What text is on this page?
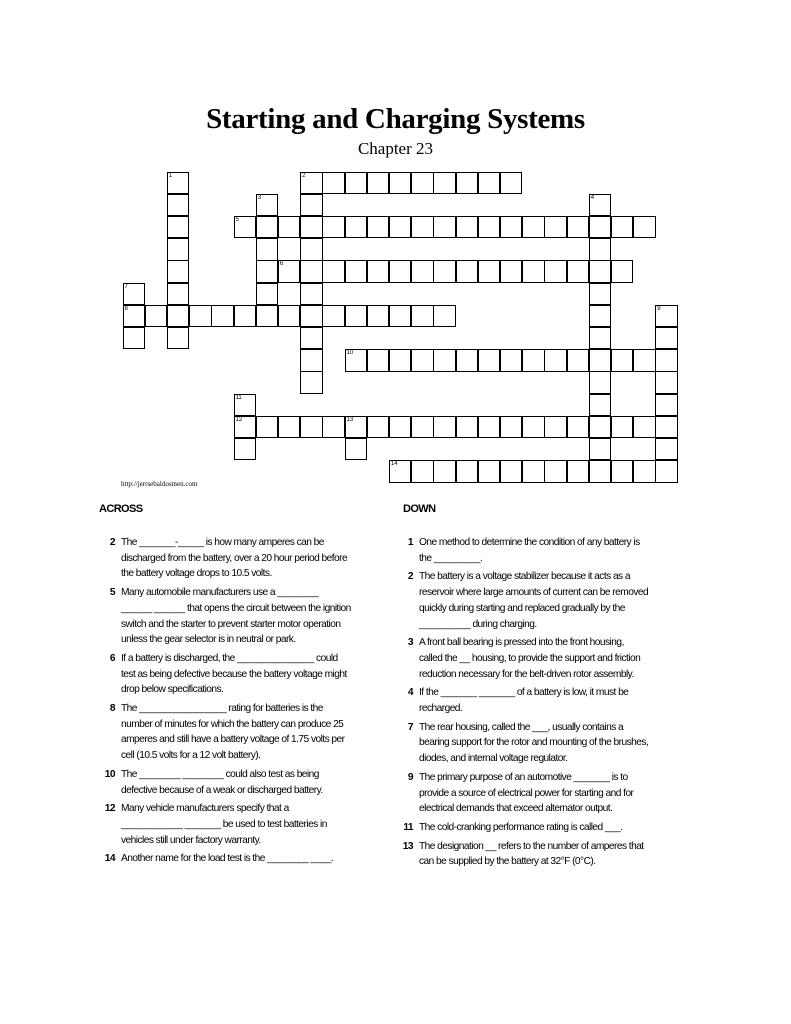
Starting and Charging Systems
Chapter 23
1	2
3	4
5
6
7
8	9
10
11
12	13
14
http://jerrsebaldosmen.com
ACROSS	DOWN
2 The _______-_____ is how many amperes can be discharged from the battery, over a 20 hour period before the battery voltage drops to 10.5 volts.
5 Many automobile manufacturers use a ________ ______ ______ that opens the circuit between the ignition switch and the starter to prevent starter motor operation unless the gear selector is in neutral or park.
6 If a battery is discharged, the _______________ could test as being defective because the battery voltage might drop below specifications.
8 The _________________ rating for batteries is the number of minutes for which the battery can produce 25 amperes and still have a battery voltage of 1.75 volts per cell (10.5 volts for a 12 volt battery).
10 The ________ ________ could also test as being defective because of a weak or discharged battery.
12 Many vehicle manufacturers specify that a ____________ _______ be used to test batteries in vehicles still under factory warranty.
14 Another name for the load test is the ________ ____.
1 One method to determine the condition of any battery is the _________.
2 The battery is a voltage stabilizer because it acts as a reservoir where large amounts of current can be removed quickly during starting and replaced gradually by the __________ during charging.
3 A front ball bearing is pressed into the front housing, called the __ housing, to provide the support and friction reduction necessary for the belt-driven rotor assembly.
4 If the _______ _______ of a battery is low, it must be recharged.
7 The rear housing, called the ___, usually contains a bearing support for the rotor and mounting of the brushes, diodes, and internal voltage regulator.
9 The primary purpose of an automotive _______ is to provide a source of electrical power for starting and for electrical demands that exceed alternator output.
11 The cold-cranking performance rating is called ___.
13 The designation __ refers to the number of amperes that can be supplied by the battery at 32°F (0°C).
